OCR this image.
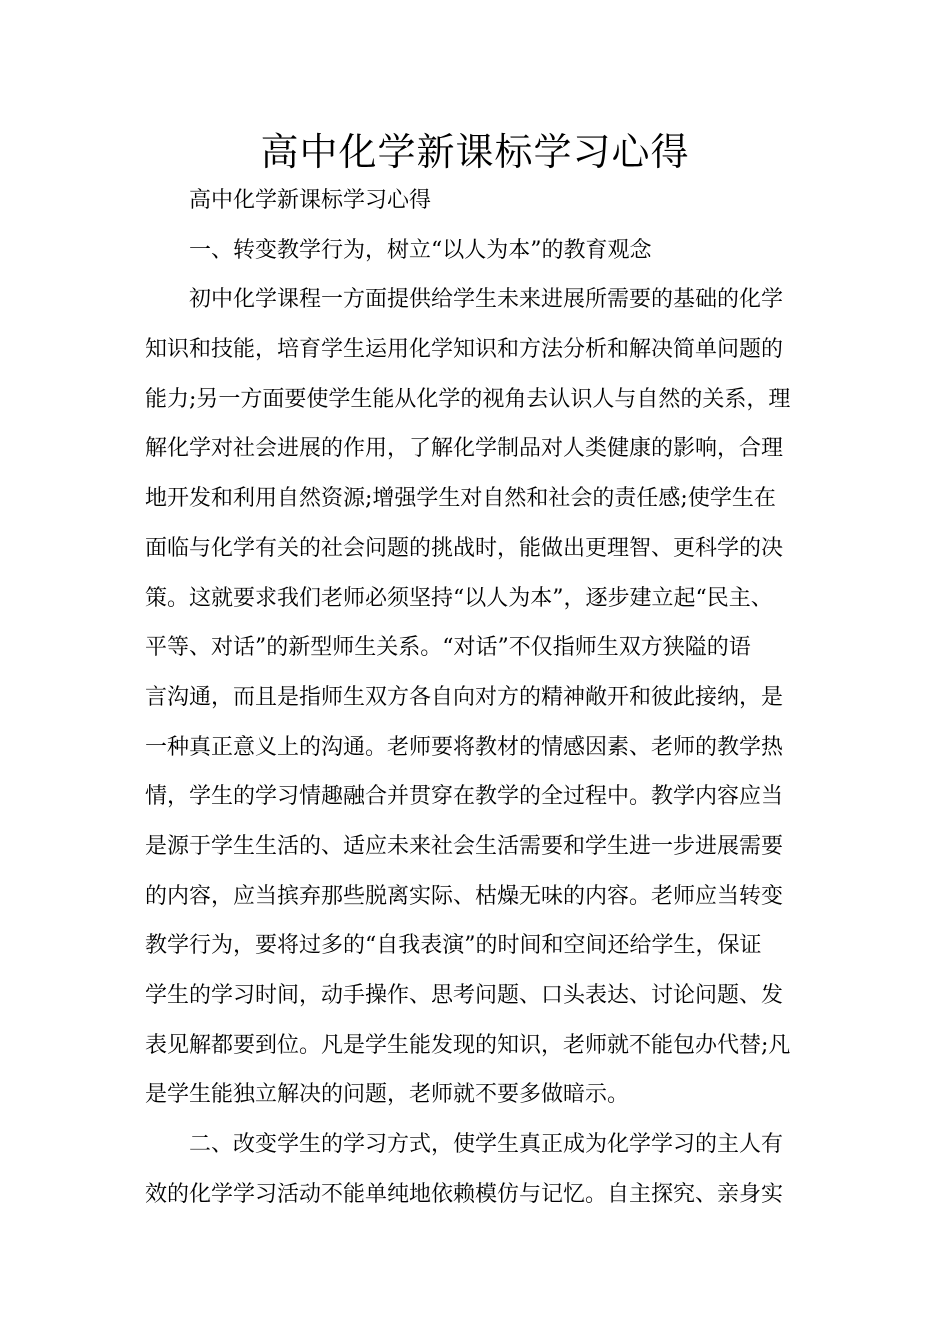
高中化学新课标学习心得
高中化学新课标学习心得
一、转变教学行为，树立“以人为本”的教育观念
初中化学课程一方面提供给学生未来进展所需要的基础的化学
知识和技能，培育学生运用化学知识和方法分析和解决简单问题的
能力;另一方面要使学生能从化学的视角去认识人与自然的关系，理
解化学对社会进展的作用，了解化学制品对人类健康的影响，合理
地开发和利用自然资源;增强学生对自然和社会的责任感;使学生在
面临与化学有关的社会问题的挑战时，能做出更理智、更科学的决
策。这就要求我们老师必须坚持“以人为本”，逐步建立起“民主、
平等、对话”的新型师生关系。“对话”不仅指师生双方狭隘的语
言沟通，而且是指师生双方各自向对方的精神敞开和彼此接纳，是
一种真正意义上的沟通。老师要将教材的情感因素、老师的教学热
情，学生的学习情趣融合并贯穿在教学的全过程中。教学内容应当
是源于学生生活的、适应未来社会生活需要和学生进一步进展需要
的内容，应当摈弃那些脱离实际、枯燥无味的内容。老师应当转变
教学行为，要将过多的“自我表演”的时间和空间还给学生，保证
学生的学习时间，动手操作、思考问题、口头表达、讨论问题、发
表见解都要到位。凡是学生能发现的知识，老师就不能包办代替;凡
是学生能独立解决的问题，老师就不要多做暗示。
二、改变学生的学习方式，使学生真正成为化学学习的主人有
效的化学学习活动不能单纯地依赖模仿与记忆。自主探究、亲身实
